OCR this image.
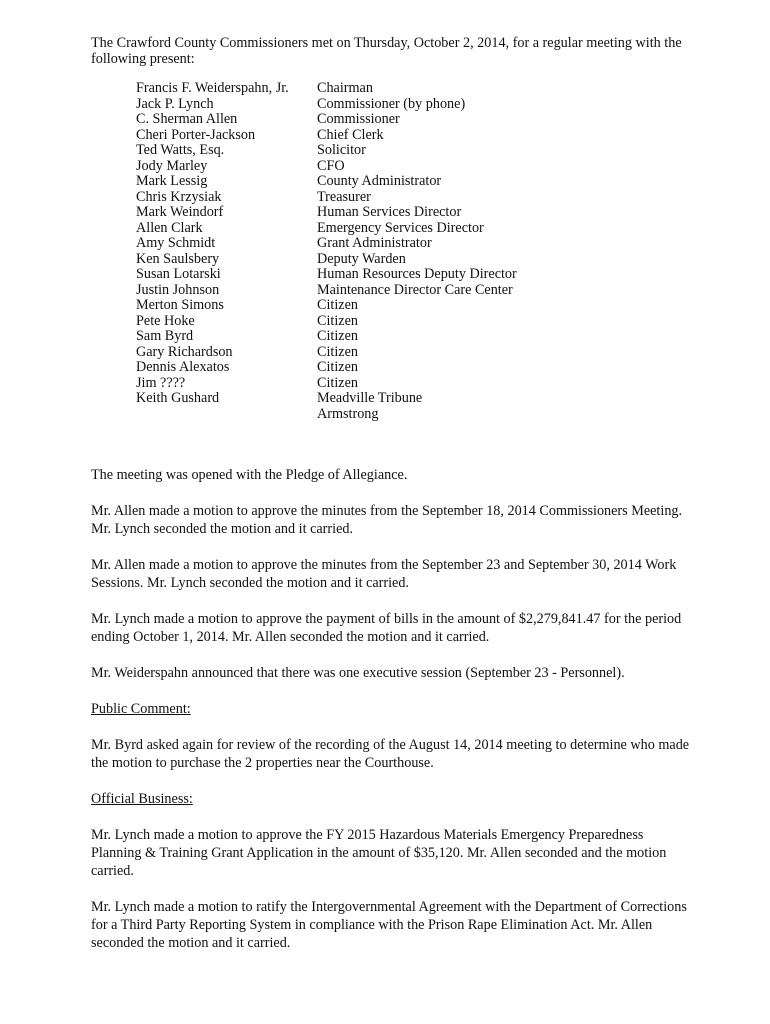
The Crawford County Commissioners met on Thursday, October 2, 2014, for a regular meeting with the following present:

Francis F. Weiderspahn, Jr.	Chairman
Jack P. Lynch	Commissioner (by phone)
C. Sherman Allen	Commissioner
Cheri Porter-Jackson	Chief Clerk
Ted Watts, Esq.	Solicitor
Jody Marley	CFO
Mark Lessig	County Administrator
Chris Krzysiak	Treasurer
Mark Weindorf	Human Services Director
Allen Clark	Emergency Services Director
Amy Schmidt	Grant Administrator
Ken Saulsbery	Deputy Warden
Susan Lotarski	Human Resources Deputy Director
Justin Johnson	Maintenance Director Care Center
Merton Simons	Citizen
Pete Hoke	Citizen
Sam Byrd	Citizen
Gary Richardson	Citizen
Dennis Alexatos	Citizen
Jim ????	Citizen
Keith Gushard	Meadville Tribune
Armstrong

The meeting was opened with the Pledge of Allegiance.

Mr. Allen made a motion to approve the minutes from the September 18, 2014 Commissioners Meeting. Mr. Lynch seconded the motion and it carried.

Mr. Allen made a motion to approve the minutes from the September 23 and September 30, 2014 Work Sessions. Mr. Lynch seconded the motion and it carried.

Mr. Lynch made a motion to approve the payment of bills in the amount of $2,279,841.47 for the period ending October 1, 2014. Mr. Allen seconded the motion and it carried.

Mr. Weiderspahn announced that there was one executive session (September 23 - Personnel).

Public Comment:

Mr. Byrd asked again for review of the recording of the August 14, 2014 meeting to determine who made the motion to purchase the 2 properties near the Courthouse.

Official Business:

Mr. Lynch made a motion to approve the FY 2015 Hazardous Materials Emergency Preparedness Planning & Training Grant Application in the amount of $35,120. Mr. Allen seconded and the motion carried.

Mr. Lynch made a motion to ratify the Intergovernmental Agreement with the Department of Corrections for a Third Party Reporting System in compliance with the Prison Rape Elimination Act. Mr. Allen seconded the motion and it carried.
